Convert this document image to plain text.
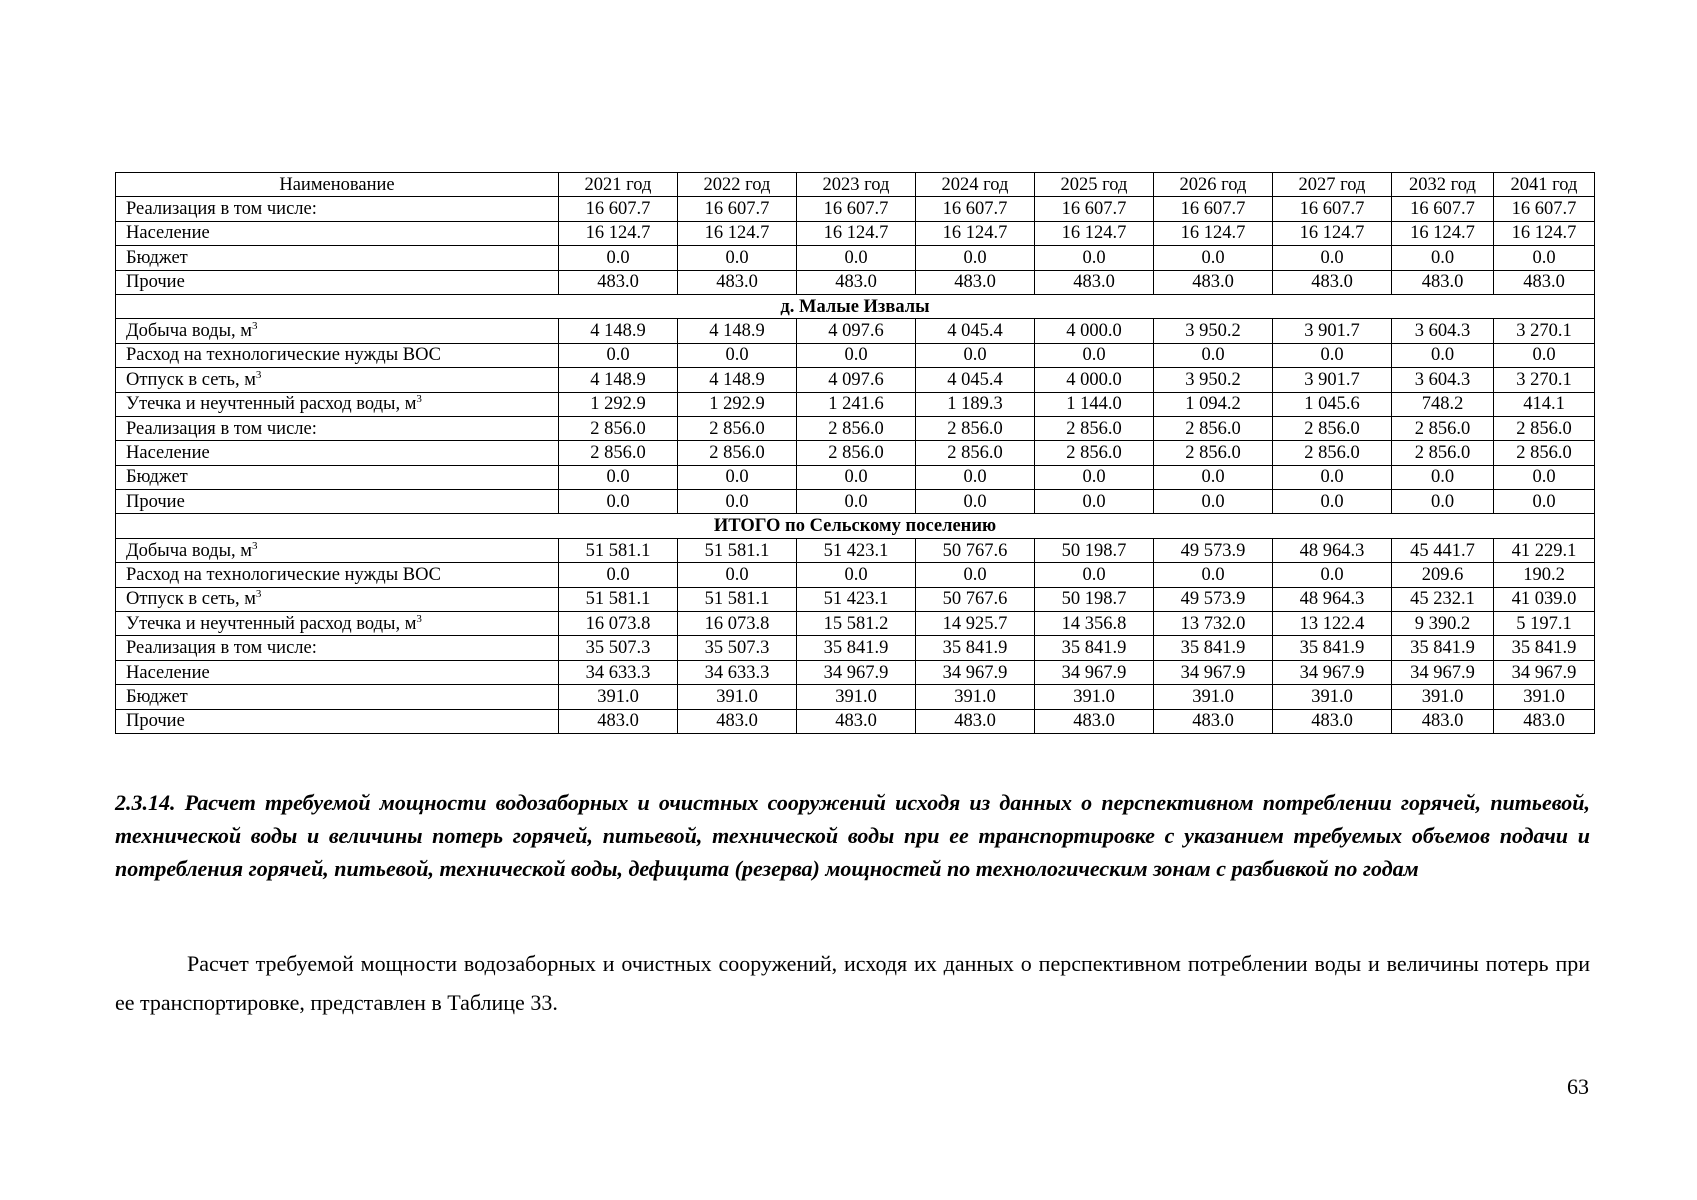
Наименование	2021 год	2022 год	2023 год	2024 год	2025 год	2026 год	2027 год	2032 год	2041 год
Реализация в том числе:	16 607.7	16 607.7	16 607.7	16 607.7	16 607.7	16 607.7	16 607.7	16 607.7	16 607.7
Население	16 124.7	16 124.7	16 124.7	16 124.7	16 124.7	16 124.7	16 124.7	16 124.7	16 124.7
Бюджет	0.0	0.0	0.0	0.0	0.0	0.0	0.0	0.0	0.0
Прочие	483.0	483.0	483.0	483.0	483.0	483.0	483.0	483.0	483.0
д. Малые Извалы									
Добыча воды, $м^3$	4 148.9	4 148.9	4 097.6	4 045.4	4 000.0	3 950.2	3 901.7	3 604.3	3 270.1
Расход на технологические нужды ВОС	0.0	0.0	0.0	0.0	0.0	0.0	0.0	0.0	0.0
Отпуск в сеть, $м^3$	4 148.9	4 148.9	4 097.6	4 045.4	4 000.0	3 950.2	3 901.7	3 604.3	3 270.1
Утечка и неучтенный расход воды, $м^3$	1 292.9	1 292.9	1 241.6	1 189.3	1 144.0	1 094.2	1 045.6	748.2	414.1
Реализация в том числе:	2 856.0	2 856.0	2 856.0	2 856.0	2 856.0	2 856.0	2 856.0	2 856.0	2 856.0
Население	2 856.0	2 856.0	2 856.0	2 856.0	2 856.0	2 856.0	2 856.0	2 856.0	2 856.0
Бюджет	0.0	0.0	0.0	0.0	0.0	0.0	0.0	0.0	0.0
Прочие	0.0	0.0	0.0	0.0	0.0	0.0	0.0	0.0	0.0
ИТОГО по Сельскому поселению									
Добыча воды, $м^3$	51 581.1	51 581.1	51 423.1	50 767.6	50 198.7	49 573.9	48 964.3	45 441.7	41 229.1
Расход на технологические нужды ВОС	0.0	0.0	0.0	0.0	0.0	0.0	0.0	209.6	190.2
Отпуск в сеть, $м^3$	51 581.1	51 581.1	51 423.1	50 767.6	50 198.7	49 573.9	48 964.3	45 232.1	41 039.0
Утечка и неучтенный расход воды, $м^3$	16 073.8	16 073.8	15 581.2	14 925.7	14 356.8	13 732.0	13 122.4	9 390.2	5 197.1
Реализация в том числе:	35 507.3	35 507.3	35 841.9	35 841.9	35 841.9	35 841.9	35 841.9	35 841.9	35 841.9
Население	34 633.3	34 633.3	34 967.9	34 967.9	34 967.9	34 967.9	34 967.9	34 967.9	34 967.9
Бюджет	391.0	391.0	391.0	391.0	391.0	391.0	391.0	391.0	391.0
Прочие	483.0	483.0	483.0	483.0	483.0	483.0	483.0	483.0	483.0

2.3.14. Расчет требуемой мощности водозаборных и очистных сооружений исходя из данных о перспективном потреблении горячей, питьевой, технической воды и величины потерь горячей, питьевой, технической воды при ее транспортировке с указанием требуемых объемов подачи и потребления горячей, питьевой, технической воды, дефицита (резерва) мощностей по технологическим зонам с разбивкой по годам

Расчет требуемой мощности водозаборных и очистных сооружений, исходя их данных о перспективном потреблении воды и величины потерь при ее транспортировке, представлен в Таблице 33.

63
